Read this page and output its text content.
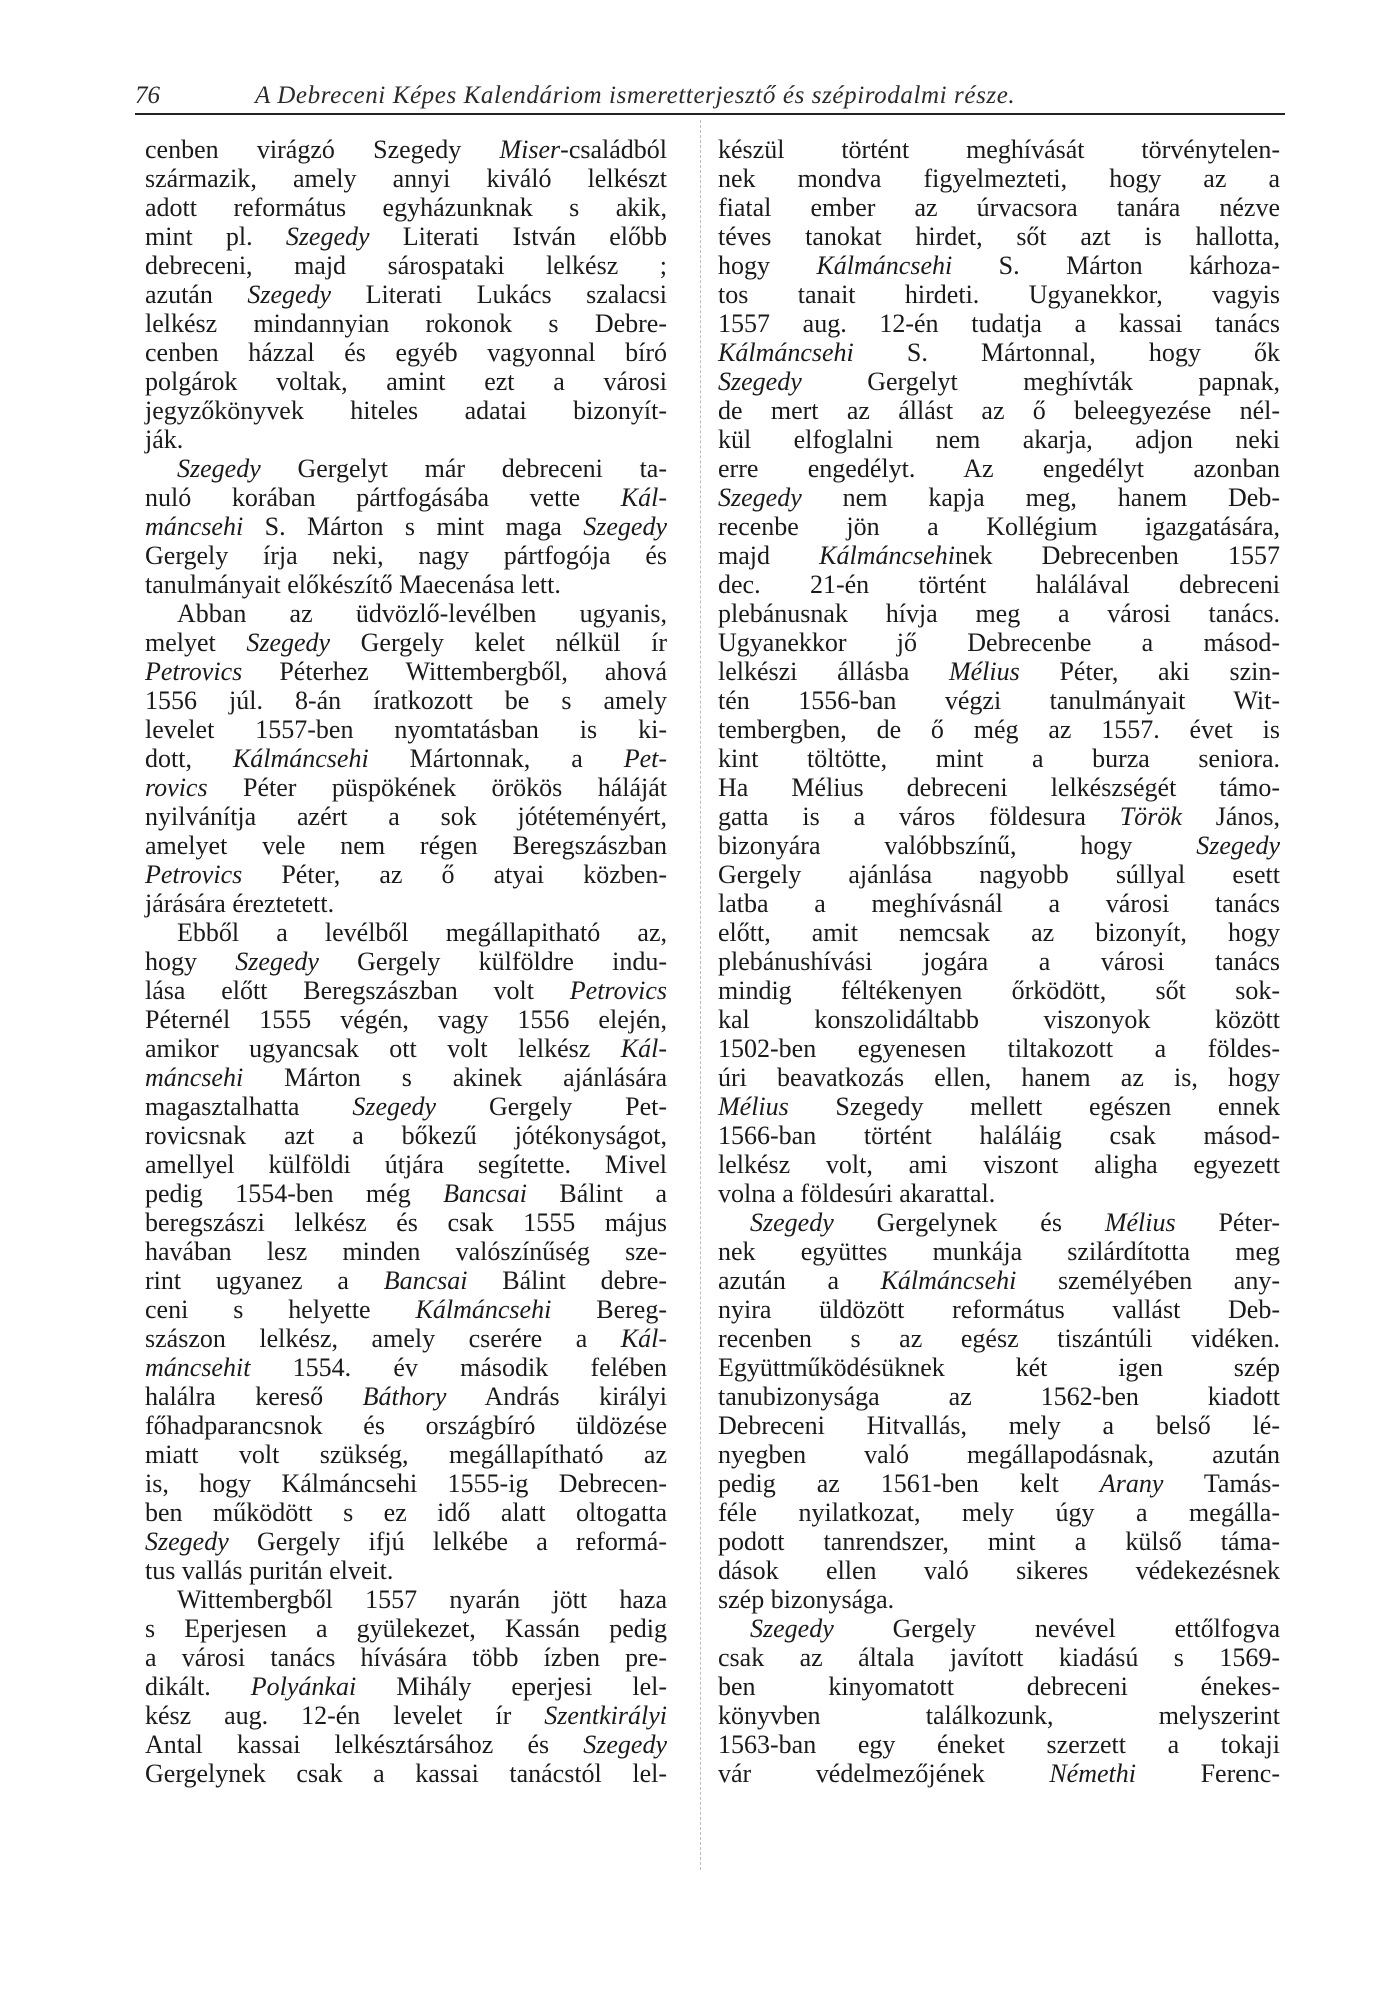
76	A Debreceni Képes Kalendáriom ismeretterjesztő és szépirodalmi része.
cenben virágzó Szegedy Miser-családból
származik, amely annyi kiváló lelkészt
adott református egyházunknak s akik,
mint pl. Szegedy Literati István előbb
debreceni, majd sárospataki lelkész ;
azután Szegedy Literati Lukács szalacsi
lelkész mindannyian rokonok s Debre-
cenben házzal és egyéb vagyonnal bíró
polgárok voltak, amint ezt a városi
jegyzőkönyvek hiteles adatai bizonyít-
ják.
Szegedy Gergelyt már debreceni ta-
nuló korában pártfogásába vette Kál-
máncsehi S. Márton s mint maga Szegedy
Gergely írja neki, nagy pártfogója és
tanulmányait előkészítő Maecenása lett.
Abban az üdvözlő-levélben ugyanis,
melyet Szegedy Gergely kelet nélkül ír
Petrovics Péterhez Wittembergből, ahová
1556 júl. 8-án íratkozott be s amely
levelet 1557-ben nyomtatásban is ki-
dott, Kálmáncsehi Mártonnak, a Pet-
rovics Péter püspökének örökös háláját
nyilvánítja azért a sok jótéteményért,
amelyet vele nem régen Beregszászban
Petrovics Péter, az ő atyai közben-
járására éreztetett.
Ebből a levélből megállapitható az,
hogy Szegedy Gergely külföldre indu-
lása előtt Beregszászban volt Petrovics
Péternél 1555 végén, vagy 1556 elején,
amikor ugyancsak ott volt lelkész Kál-
máncsehi Márton s akinek ajánlására
magasztalhatta Szegedy Gergely Pet-
rovicsnak azt a bőkezű jótékonyságot,
amellyel külföldi útjára segítette. Mivel
pedig 1554-ben még Bancsai Bálint a
beregszászi lelkész és csak 1555 május
havában lesz minden valószínűség sze-
rint ugyanez a Bancsai Bálint debre-
ceni s helyette Kálmáncsehi Bereg-
szászon lelkész, amely cserére a Kál-
máncsehit 1554. év második felében
halálra kereső Báthory András királyi
főhadparancsnok és országbíró üldözése
miatt volt szükség, megállapítható az
is, hogy Kálmáncsehi 1555-ig Debrecen-
ben működött s ez idő alatt oltogatta
Szegedy Gergely ifjú lelkébe a reformá-
tus vallás puritán elveit.
Wittembergből 1557 nyarán jött haza
s Eperjesen a gyülekezet, Kassán pedig
a városi tanács hívására több ízben pre-
dikált. Polyánkai Mihály eperjesi lel-
kész aug. 12-én levelet ír Szentkirályi
Antal kassai lelkésztársához és Szegedy
Gergelynek csak a kassai tanácstól lel-
készül történt meghívását törvénytelen-
nek mondva figyelmezteti, hogy az a
fiatal ember az úrvacsora tanára nézve
téves tanokat hirdet, sőt azt is hallotta,
hogy Kálmáncsehi S. Márton kárhoza-
tos tanait hirdeti. Ugyanekkor, vagyis
1557 aug. 12-én tudatja a kassai tanács
Kálmáncsehi S. Mártonnal, hogy ők
Szegedy Gergelyt meghívták papnak,
de mert az állást az ő beleegyezése nél-
kül elfoglalni nem akarja, adjon neki
erre engedélyt. Az engedélyt azonban
Szegedy nem kapja meg, hanem Deb-
recenbe jön a Kollégium igazgatására,
majd Kálmáncsehinek Debrecenben 1557
dec. 21-én történt halálával debreceni
plebánusnak hívja meg a városi tanács.
Ugyanekkor jő Debrecenbe a másod-
lelkészi állásba Mélius Péter, aki szin-
tén 1556-ban végzi tanulmányait Wit-
tembergben, de ő még az 1557. évet is
kint töltötte, mint a burza seniora.
Ha Mélius debreceni lelkészségét támo-
gatta is a város földesura Török János,
bizonyára valóbbszínű, hogy Szegedy
Gergely ajánlása nagyobb súllyal esett
latba a meghívásnál a városi tanács
előtt, amit nemcsak az bizonyít, hogy
plebánushívási jogára a városi tanács
mindig féltékenyen őrködött, sőt sok-
kal konszolidáltabb viszonyok között
1502-ben egyenesen tiltakozott a földes-
úri beavatkozás ellen, hanem az is, hogy
Mélius Szegedy mellett egészen ennek
1566-ban történt haláláig csak másod-
lelkész volt, ami viszont aligha egyezett
volna a földesúri akarattal.
Szegedy Gergelynek és Mélius Péter-
nek együttes munkája szilárdította meg
azután a Kálmáncsehi személyében any-
nyira üldözött református vallást Deb-
recenben s az egész tiszántúli vidéken.
Együttműködésüknek két igen szép
tanubizonysága az 1562-ben kiadott
Debreceni Hitvallás, mely a belső lé-
nyegben való megállapodásnak, azután
pedig az 1561-ben kelt Arany Tamás-
féle nyilatkozat, mely úgy a megálla-
podott tanrendszer, mint a külső táma-
dások ellen való sikeres védekezésnek
szép bizonysága.
Szegedy Gergely nevével ettőlfogva
csak az általa javított kiadású s 1569-
ben kinyomatott debreceni énekes-
könyvben találkozunk, melyszerint
1563-ban egy éneket szerzett a tokaji
vár védelmezőjének Némethi Ferenc-
